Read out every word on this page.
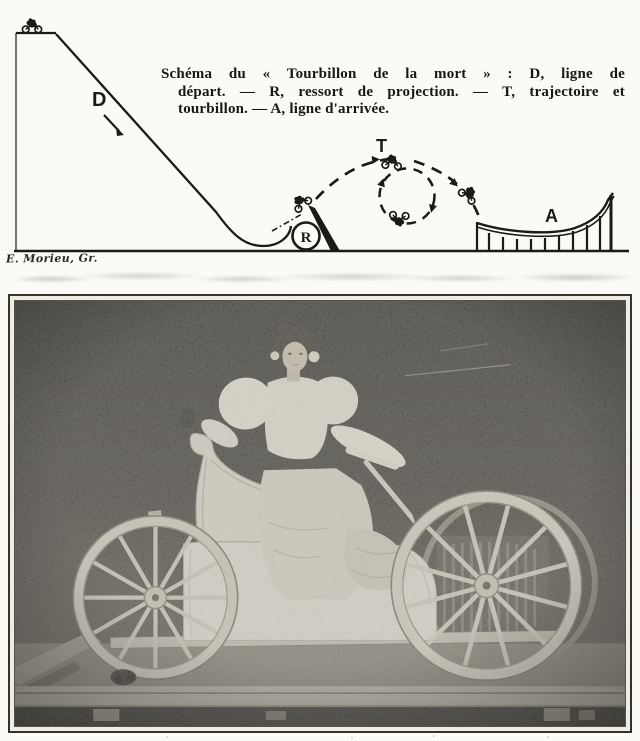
D
R
T
A
Schéma du « Tourbillon de la mort » : D, ligne de
départ. — R, ressort de projection. — T, trajectoire et
tourbillon. — A, ligne d'arrivée.
E. Morieu, Gr.
